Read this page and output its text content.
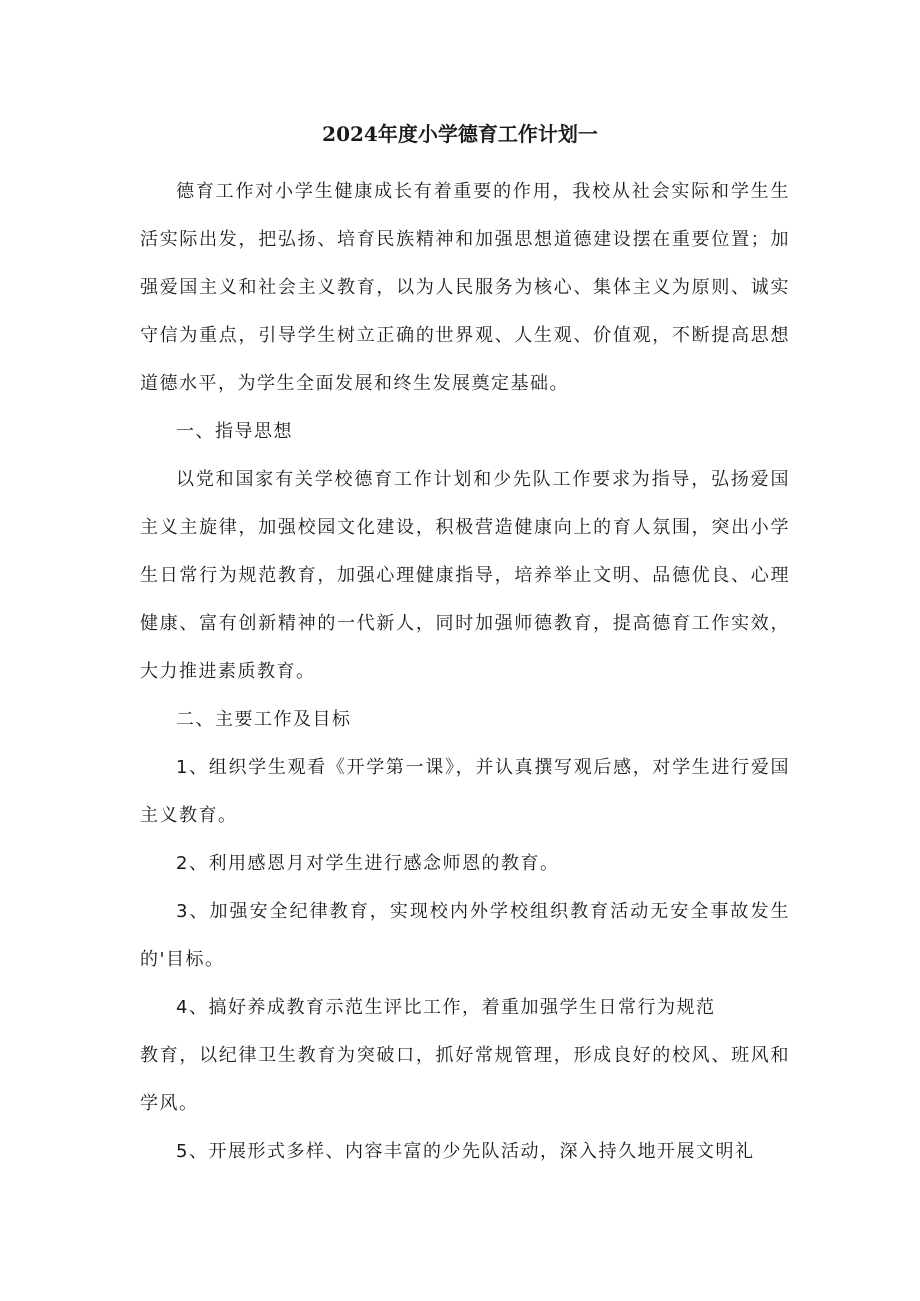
2024年度小学德育工作计划一

德育工作对小学生健康成长有着重要的作用，我校从社会实际和学生生活实际出发，把弘扬、培育民族精神和加强思想道德建设摆在重要位置；加强爱国主义和社会主义教育，以为人民服务为核心、集体主义为原则、诚实守信为重点，引导学生树立正确的世界观、人生观、价值观，不断提高思想道德水平，为学生全面发展和终生发展奠定基础。

一、指导思想

以党和国家有关学校德育工作计划和少先队工作要求为指导，弘扬爱国主义主旋律，加强校园文化建设，积极营造健康向上的育人氛围，突出小学生日常行为规范教育，加强心理健康指导，培养举止文明、品德优良、心理健康、富有创新精神的一代新人，同时加强师德教育，提高德育工作实效，大力推进素质教育。

二、主要工作及目标

1、组织学生观看《开学第一课》，并认真撰写观后感，对学生进行爱国主义教育。

2、利用感恩月对学生进行感念师恩的教育。

3、加强安全纪律教育，实现校内外学校组织教育活动无安全事故发生的'目标。

4、搞好养成教育示范生评比工作，着重加强学生日常行为规范

教育，以纪律卫生教育为突破口，抓好常规管理，形成良好的校风、班风和学风。

5、开展形式多样、内容丰富的少先队活动，深入持久地开展文明礼
